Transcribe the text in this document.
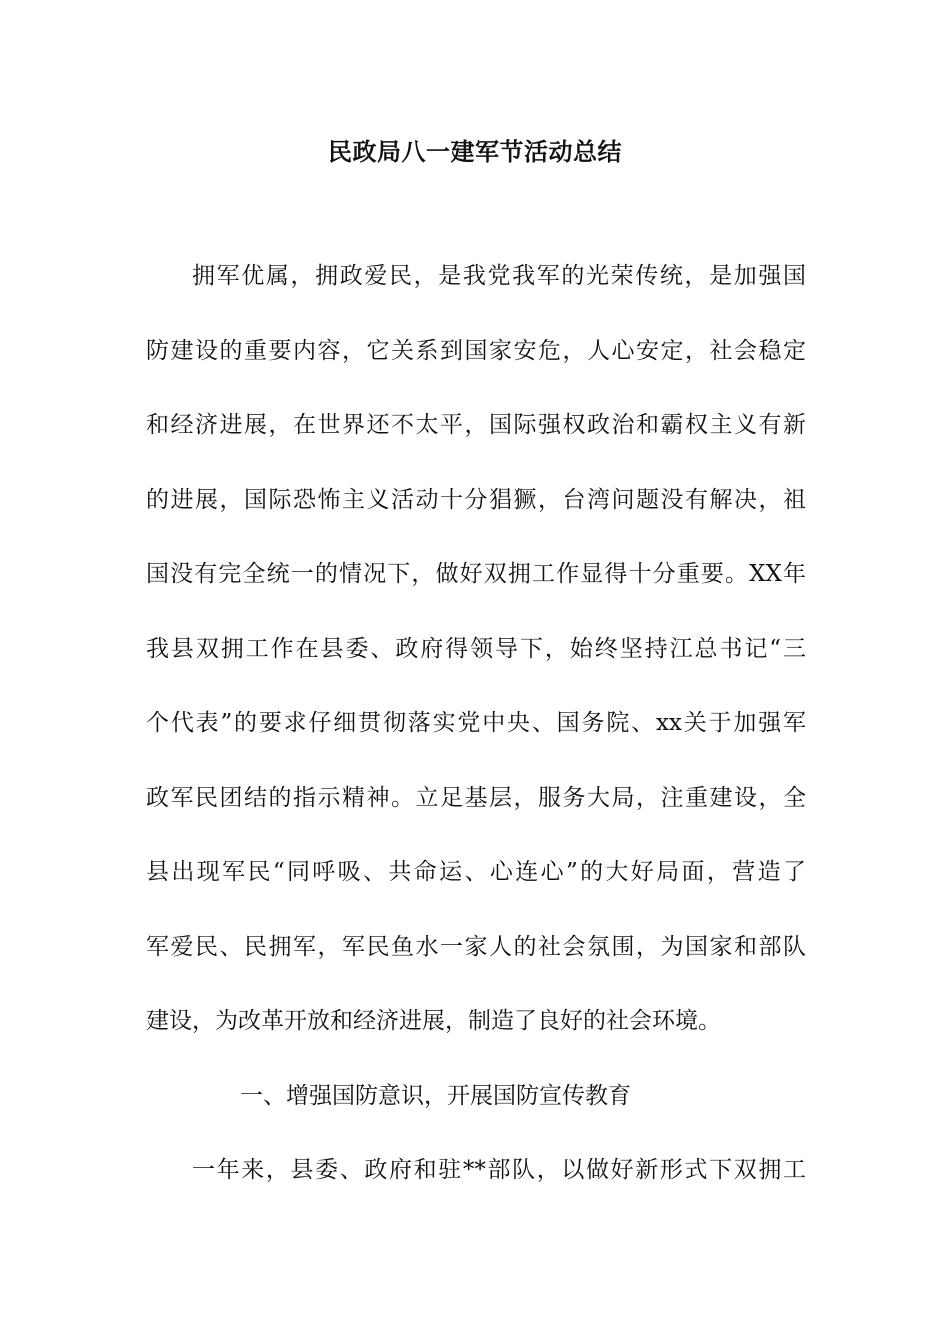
民政局八一建军节活动总结
拥军优属，拥政爱民，是我党我军的光荣传统，是加强国
防建设的重要内容，它关系到国家安危，人心安定，社会稳定
和经济进展，在世界还不太平，国际强权政治和霸权主义有新
的进展，国际恐怖主义活动十分猖獗，台湾问题没有解决，祖
国没有完全统一的情况下，做好双拥工作显得十分重要。XX年
我县双拥工作在县委、政府得领导下，始终坚持江总书记“三
个代表”的要求仔细贯彻落实党中央、国务院、xx关于加强军
政军民团结的指示精神。立足基层，服务大局，注重建设，全
县出现军民“同呼吸、共命运、心连心”的大好局面，营造了
军爱民、民拥军，军民鱼水一家人的社会氛围，为国家和部队
建设，为改革开放和经济进展，制造了良好的社会环境。
一、增强国防意识，开展国防宣传教育
一年来，县委、政府和驻**部队，以做好新形式下双拥工
